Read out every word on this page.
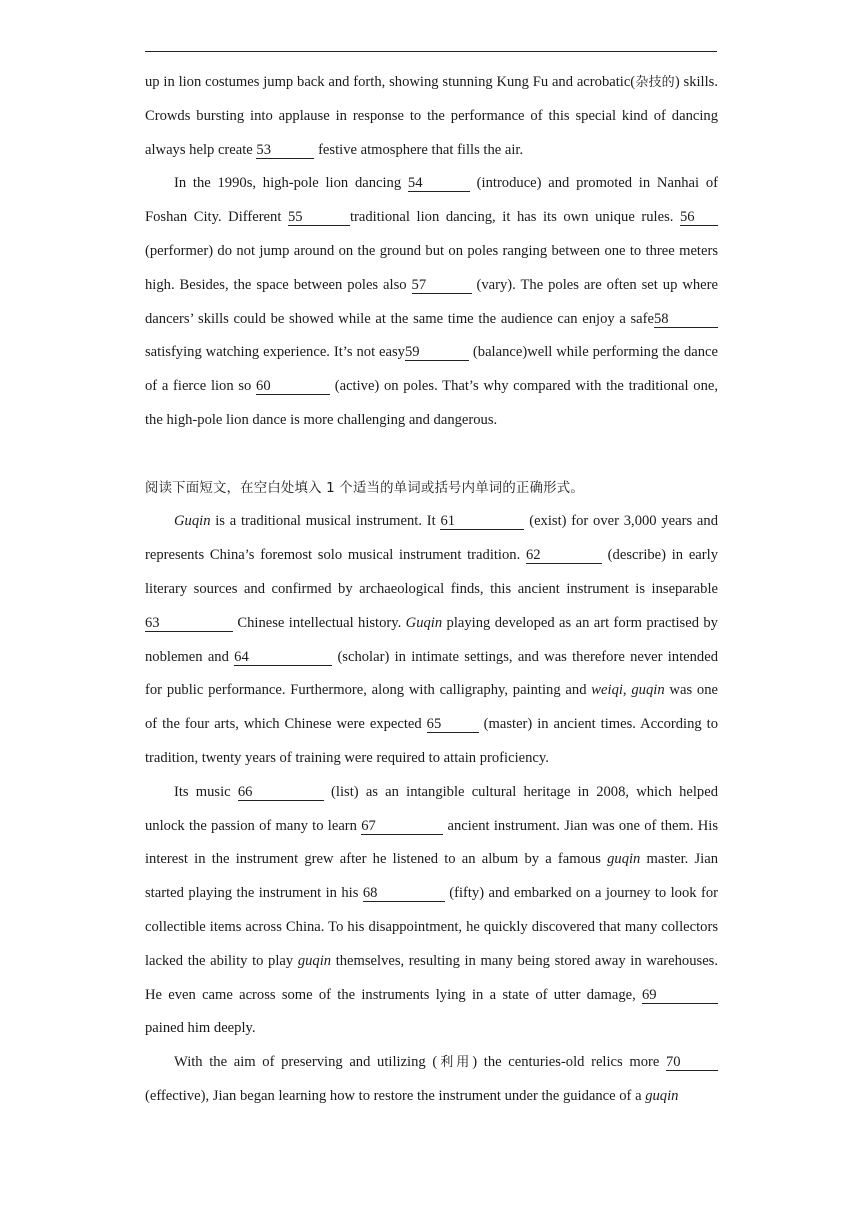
up in lion costumes jump back and forth, showing stunning Kung Fu and acrobatic(杂技的) skills. Crowds bursting into applause in response to the performance of this special kind of dancing always help create 53	festive atmosphere that fills the air.

In the 1990s, high-pole lion dancing 54	(introduce) and promoted in Nanhai of Foshan City. Different 55	traditional lion dancing, it has its own unique rules. 56 (performer) do not jump around on the ground but on poles ranging between one to three meters high. Besides, the space between poles also 57	(vary). The poles are often set up where dancers’ skills could be showed while at the same time the audience can enjoy a safe58 satisfying watching experience. It’s not easy59	(balance)well while performing the dance of a fierce lion so 60	(active) on poles. That’s why compared with the traditional one, the high-pole lion dance is more challenging and dangerous.

阅读下面短文，在空白处填入 1 个适当的单词或括号内单词的正确形式。

Guqin is a traditional musical instrument. It 61	(exist) for over 3,000 years and represents China’s foremost solo musical instrument tradition. 62	(describe) in early literary sources and confirmed by archaeological finds, this ancient instrument is inseparable 63	Chinese intellectual history. Guqin playing developed as an art form practised by noblemen and 64	(scholar) in intimate settings, and was therefore never intended for public performance. Furthermore, along with calligraphy, painting and weiqi, guqin was one of the four arts, which Chinese were expected 65	(master) in ancient times. According to tradition, twenty years of training were required to attain proficiency.

Its music 66	(list) as an intangible cultural heritage in 2008, which helped unlock the passion of many to learn 67	ancient instrument. Jian was one of them. His interest in the instrument grew after he listened to an album by a famous guqin master. Jian started playing the instrument in his 68	(fifty) and embarked on a journey to look for collectible items across China. To his disappointment, he quickly discovered that many collectors lacked the ability to play guqin themselves, resulting in many being stored away in warehouses. He even came across some of the instruments lying in a state of utter damage, 69 pained him deeply.

With the aim of preserving and utilizing (利用) the centuries-old relics more 70 (effective), Jian began learning how to restore the instrument under the guidance of a guqin
